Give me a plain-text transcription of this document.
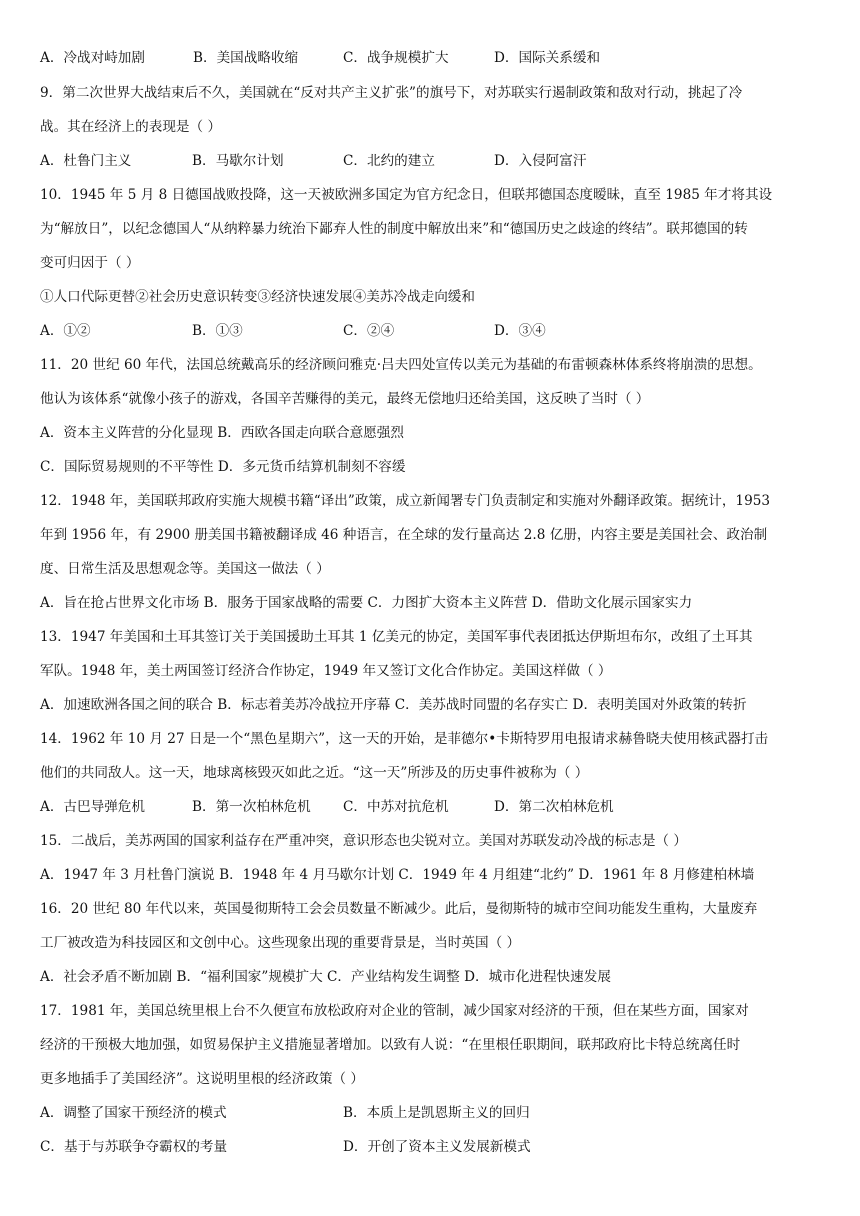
A．冷战对峙加剧	B．美国战略收缩	C．战争规模扩大	D．国际关系缓和
9．第二次世界大战结束后不久，美国就在“反对共产主义扩张”的旗号下，对苏联实行遏制政策和敌对行动，挑起了冷
战。其在经济上的表现是（ ）
A．杜鲁门主义	B．马歇尔计划	C．北约的建立	D．入侵阿富汗
10．1945 年 5 月 8 日德国战败投降，这一天被欧洲多国定为官方纪念日，但联邦德国态度暧昧，直至 1985 年才将其设
为“解放日”，以纪念德国人“从纳粹暴力统治下鄙弃人性的制度中解放出来”和“德国历史之歧途的终结”。联邦德国的转
变可归因于（ ）
①人口代际更替②社会历史意识转变③经济快速发展④美苏冷战走向缓和
A．①②	B．①③	C．②④	D．③④
11．20 世纪 60 年代，法国总统戴高乐的经济顾问雅克·吕夫四处宣传以美元为基础的布雷顿森林体系终将崩溃的思想。
他认为该体系“就像小孩子的游戏，各国辛苦赚得的美元，最终无偿地归还给美国，这反映了当时（ ）
A．资本主义阵营的分化显现 B．西欧各国走向联合意愿强烈
C．国际贸易规则的不平等性 D．多元货币结算机制刻不容缓
12．1948 年，美国联邦政府实施大规模书籍“译出”政策，成立新闻署专门负责制定和实施对外翻译政策。据统计，1953
年到 1956 年，有 2900 册美国书籍被翻译成 46 种语言，在全球的发行量高达 2.8 亿册，内容主要是美国社会、政治制
度、日常生活及思想观念等。美国这一做法（ ）
A．旨在抢占世界文化市场 B．服务于国家战略的需要 C．力图扩大资本主义阵营 D．借助文化展示国家实力
13．1947 年美国和土耳其签订关于美国援助土耳其 1 亿美元的协定，美国军事代表团抵达伊斯坦布尔，改组了土耳其
军队。1948 年，美土两国签订经济合作协定，1949 年又签订文化合作协定。美国这样做（ ）
A．加速欧洲各国之间的联合 B．标志着美苏冷战拉开序幕 C．美苏战时同盟的名存实亡 D．表明美国对外政策的转折
14．1962 年 10 月 27 日是一个“黑色星期六”，这一天的开始，是菲德尔•卡斯特罗用电报请求赫鲁晓夫使用核武器打击
他们的共同敌人。这一天，地球离核毁灭如此之近。“这一天”所涉及的历史事件被称为（ ）
A．古巴导弹危机	B．第一次柏林危机 C．中苏对抗危机	D．第二次柏林危机
15．二战后，美苏两国的国家利益存在严重冲突，意识形态也尖锐对立。美国对苏联发动冷战的标志是（ ）
A．1947 年 3 月杜鲁门演说 B．1948 年 4 月马歇尔计划 C．1949 年 4 月组建“北约” D．1961 年 8 月修建柏林墙
16．20 世纪 80 年代以来，英国曼彻斯特工会会员数量不断减少。此后，曼彻斯特的城市空间功能发生重构，大量废弃
工厂被改造为科技园区和文创中心。这些现象出现的重要背景是，当时英国（ ）
A．社会矛盾不断加剧 B．“福利国家”规模扩大 C．产业结构发生调整 D．城市化进程快速发展
17．1981 年，美国总统里根上台不久便宣布放松政府对企业的管制，减少国家对经济的干预，但在某些方面，国家对
经济的干预极大地加强，如贸易保护主义措施显著增加。以致有人说：“在里根任职期间，联邦政府比卡特总统离任时
更多地插手了美国经济”。这说明里根的经济政策（ ）
A．调整了国家干预经济的模式	B．本质上是凯恩斯主义的回归
C．基于与苏联争夺霸权的考量	D．开创了资本主义发展新模式
